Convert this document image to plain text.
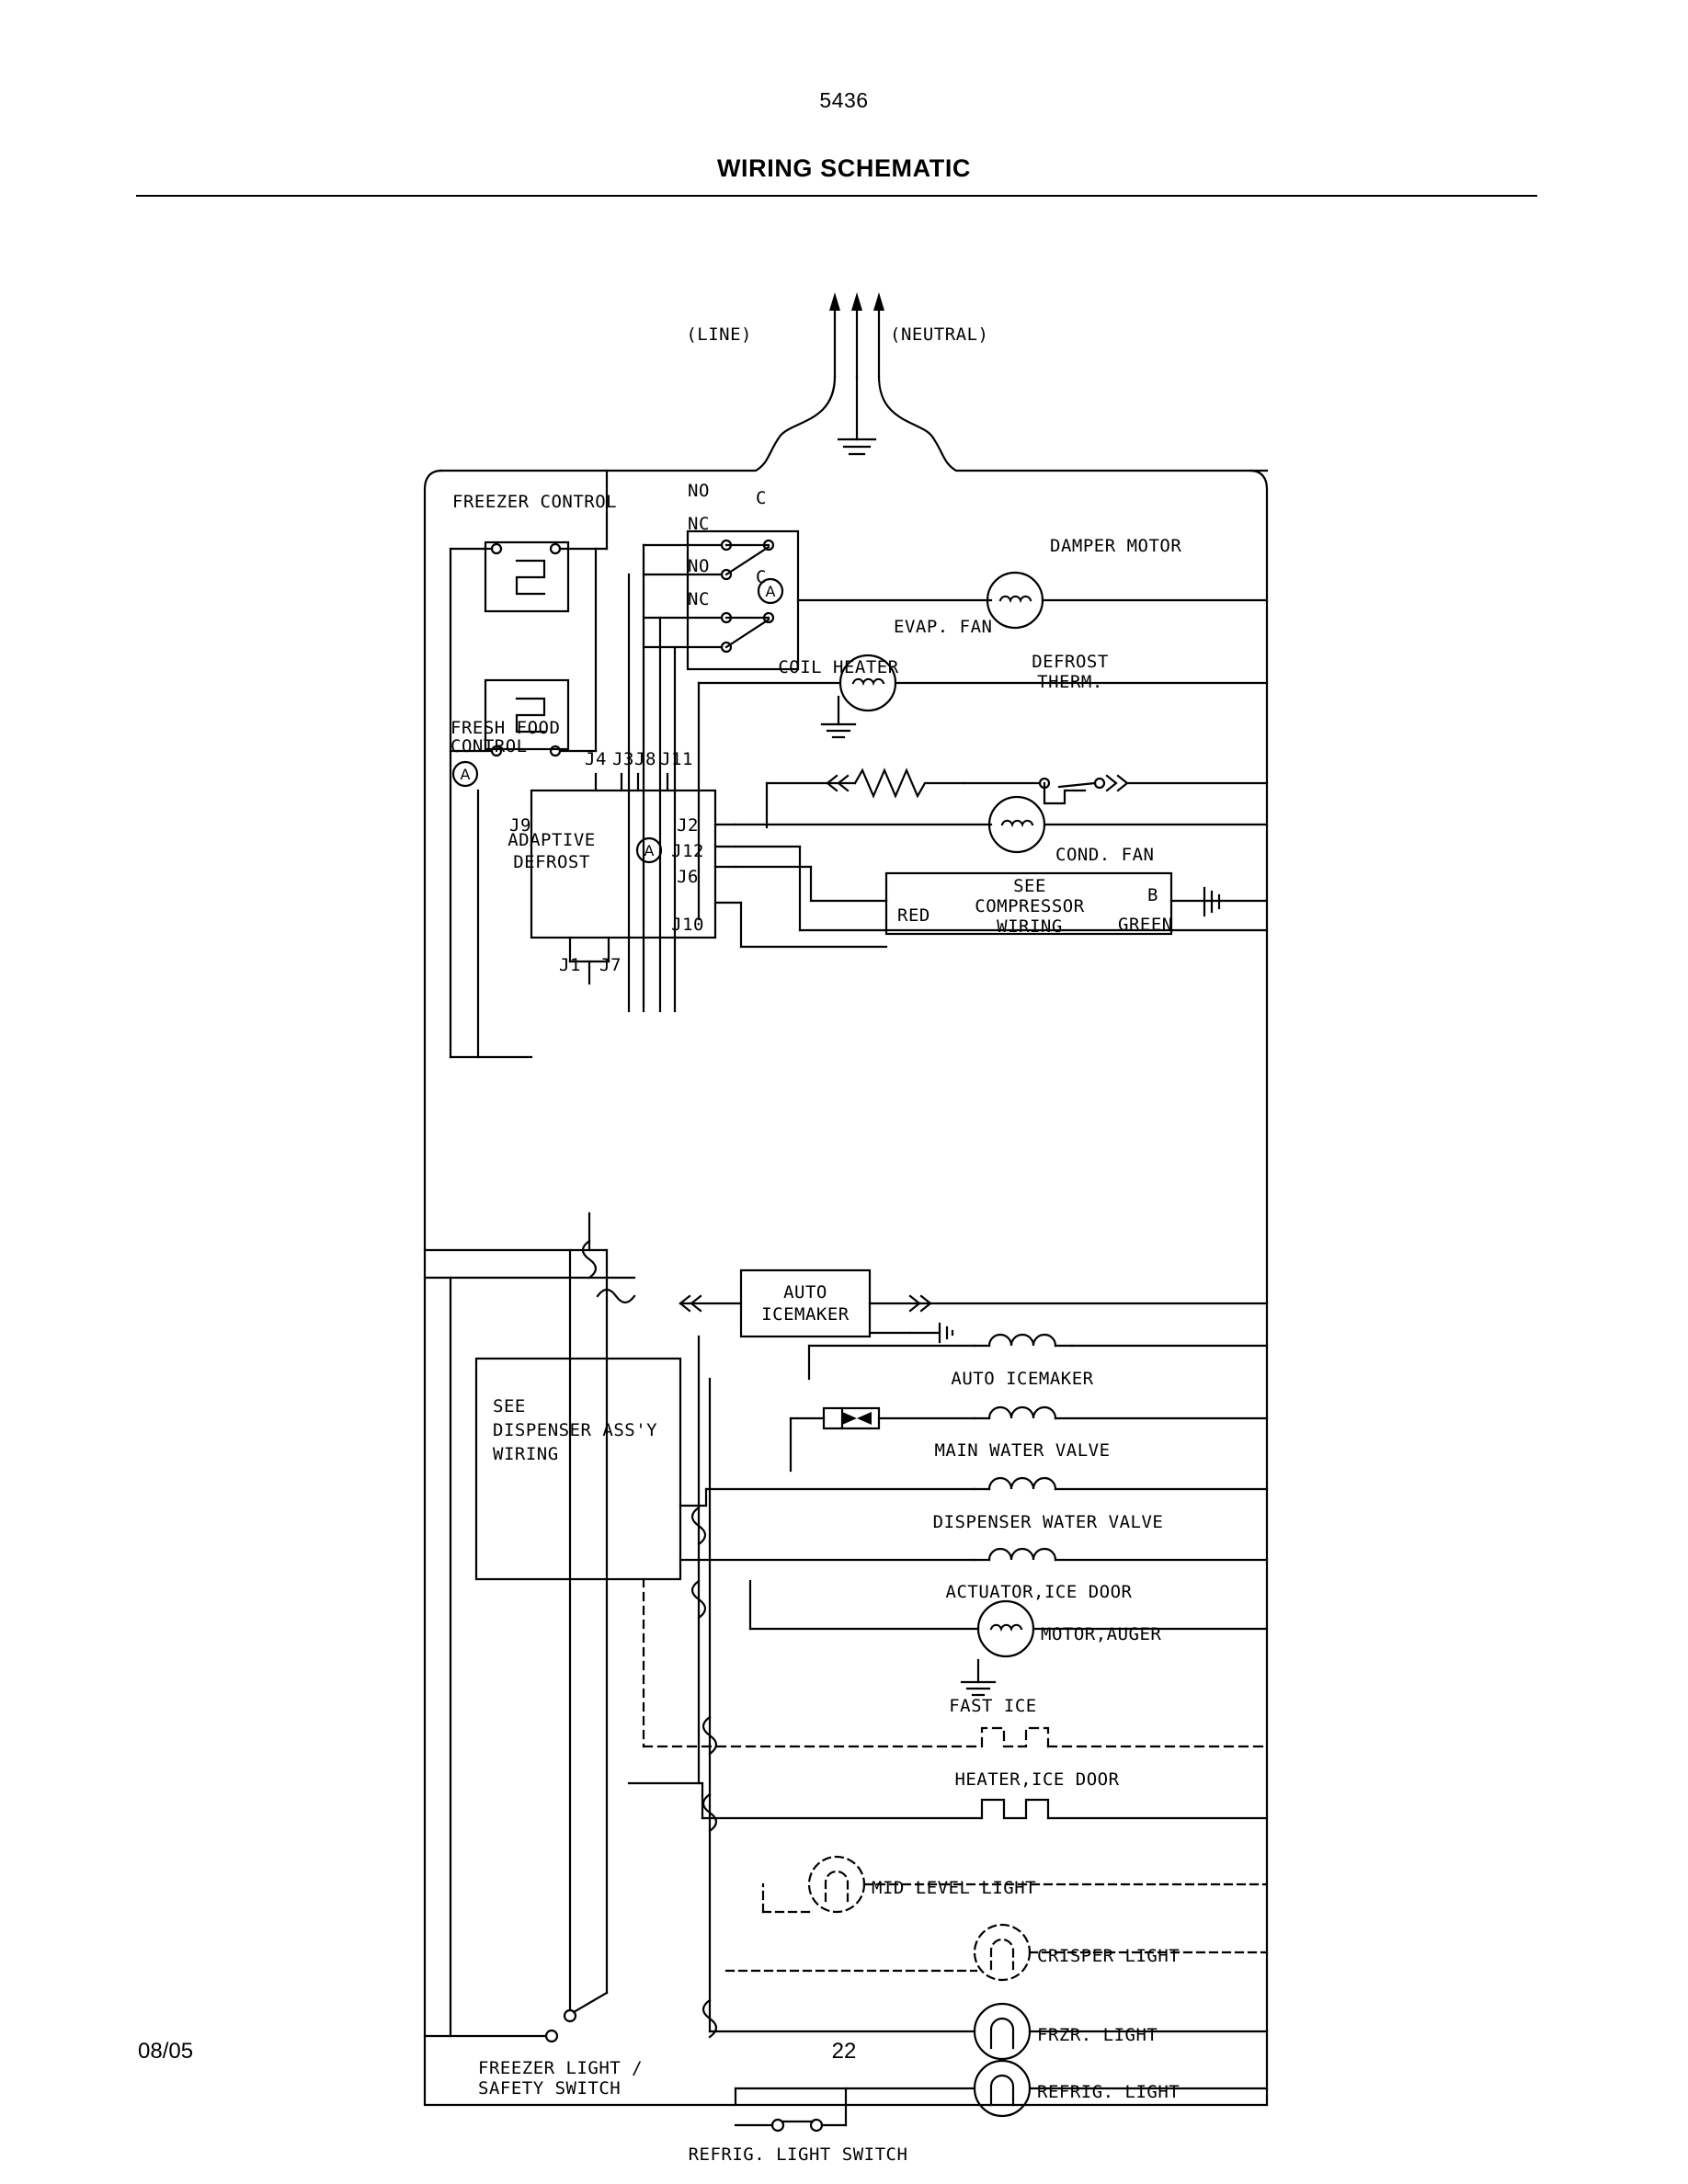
5436
WIRING SCHEMATIC
(LINE)	(NEUTRAL)
FREEZER CONTROL
FRESH FOOD
CONTROL
NO
NC
NO
NC
C
C
DAMPER MOTOR
EVAP. FAN
COIL HEATER	DEFROST
THERM.
J4 J3 J8 J11
J9	J2
J12
J6
J10
J1 J7
ADAPTIVE
DEFROST	COND. FAN
SEE
COMPRESSOR
WIRING
RED
B
GREEN
AUTO
ICEMAKER
SEE
DISPENSER ASS'Y
WIRING
AUTO ICEMAKER
MAIN WATER VALVE
DISPENSER WATER VALVE
ACTUATOR,ICE DOOR
MOTOR,AUGER
FAST ICE
HEATER,ICE DOOR
MID LEVEL LIGHT
CRISPER LIGHT
FRZR. LIGHT
REFRIG. LIGHT
FREEZER LIGHT /
SAFETY SWITCH
REFRIG. LIGHT SWITCH
A
A
A
08/05	22
